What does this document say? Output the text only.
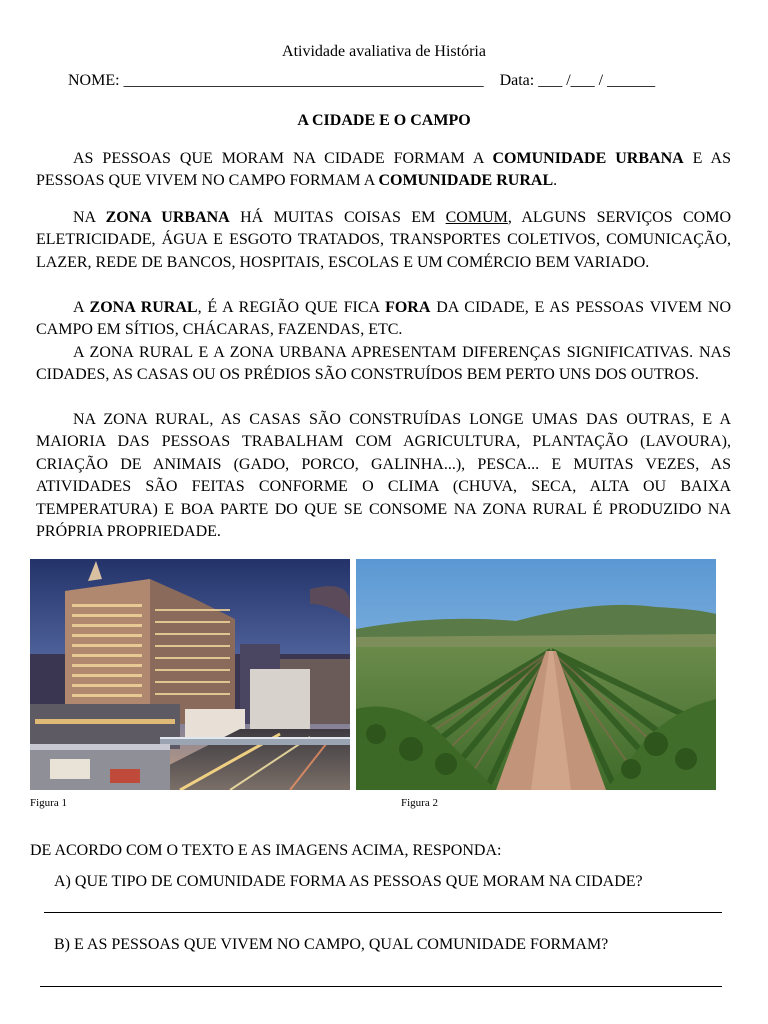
Atividade avaliativa de História
NOME: _____________________________________________ Data: ___ /___ / ______
A CIDADE E O CAMPO
AS PESSOAS QUE MORAM NA CIDADE FORMAM A COMUNIDADE URBANA E AS PESSOAS QUE VIVEM NO CAMPO FORMAM A COMUNIDADE RURAL.
NA ZONA URBANA HÁ MUITAS COISAS EM COMUM, ALGUNS SERVIÇOS COMO ELETRICIDADE, ÁGUA E ESGOTO TRATADOS, TRANSPORTES COLETIVOS, COMUNICAÇÃO, LAZER, REDE DE BANCOS, HOSPITAIS, ESCOLAS E UM COMÉRCIO BEM VARIADO.
A ZONA RURAL, É A REGIÃO QUE FICA FORA DA CIDADE, E AS PESSOAS VIVEM NO CAMPO EM SÍTIOS, CHÁCARAS, FAZENDAS, ETC.
A ZONA RURAL E A ZONA URBANA APRESENTAM DIFERENÇAS SIGNIFICATIVAS. NAS CIDADES, AS CASAS OU OS PRÉDIOS SÃO CONSTRUÍDOS BEM PERTO UNS DOS OUTROS.
NA ZONA RURAL, AS CASAS SÃO CONSTRUÍDAS LONGE UMAS DAS OUTRAS, E A MAIORIA DAS PESSOAS TRABALHAM COM AGRICULTURA, PLANTAÇÃO (LAVOURA), CRIAÇÃO DE ANIMAIS (GADO, PORCO, GALINHA...), PESCA... E MUITAS VEZES, AS ATIVIDADES SÃO FEITAS CONFORME O CLIMA (CHUVA, SECA, ALTA OU BAIXA TEMPERATURA) E BOA PARTE DO QUE SE CONSOME NA ZONA RURAL É PRODUZIDO NA PRÓPRIA PROPRIEDADE.
Figura 1	Figura 2
DE ACORDO COM O TEXTO E AS IMAGENS ACIMA, RESPONDA:
A) QUE TIPO DE COMUNIDADE FORMA AS PESSOAS QUE MORAM NA CIDADE?
B) E AS PESSOAS QUE VIVEM NO CAMPO, QUAL COMUNIDADE FORMAM?
